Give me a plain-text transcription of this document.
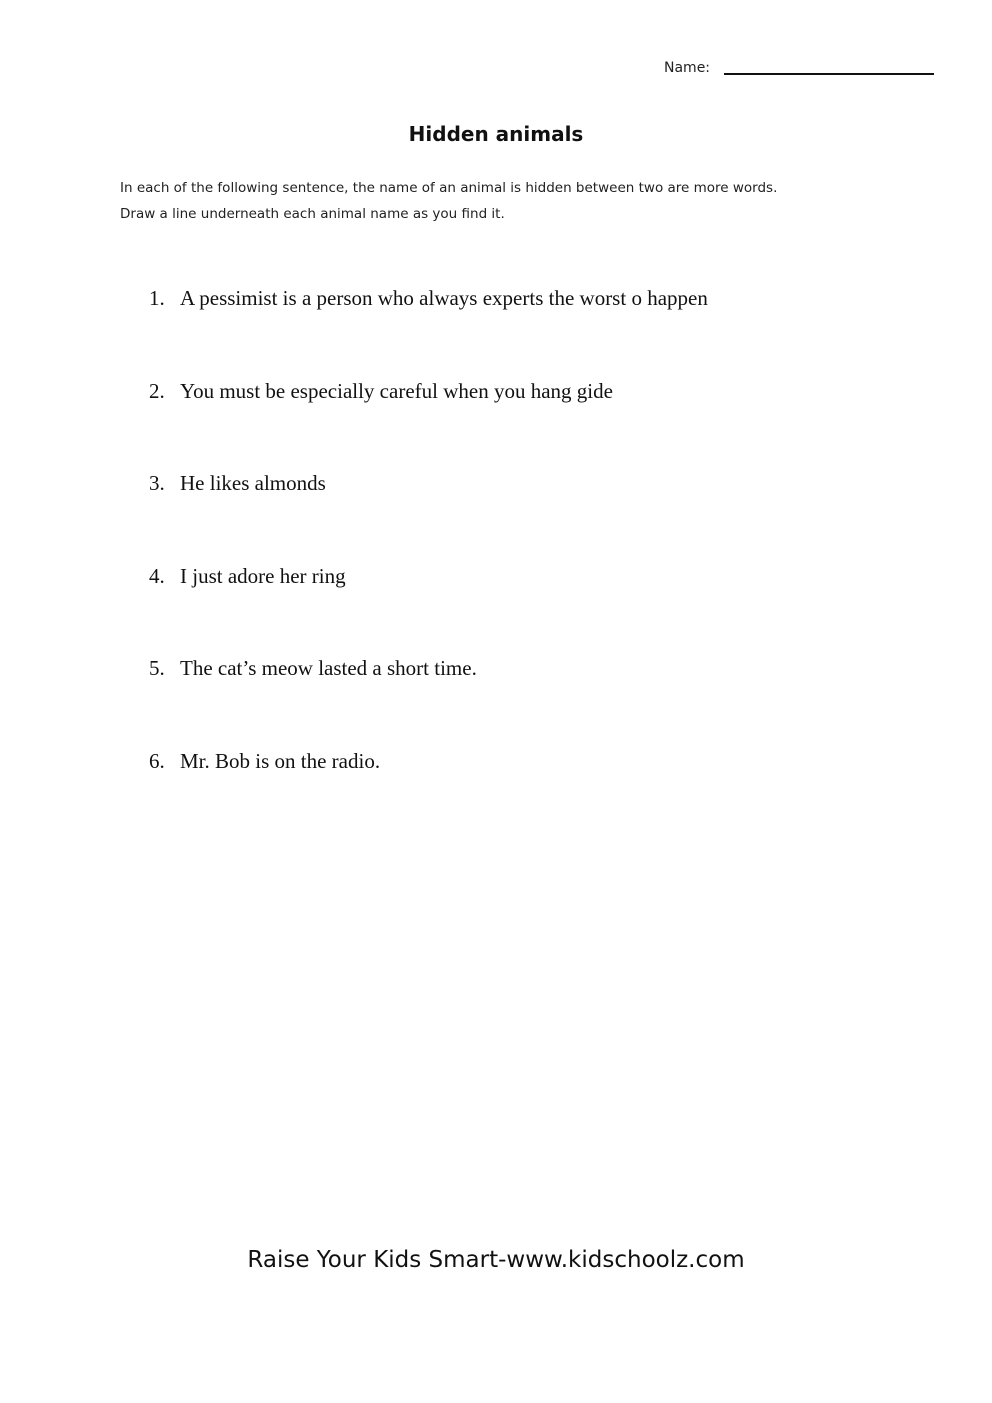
Name:
Hidden animals
In each of the following sentence, the name of an animal is hidden between two are more words.
Draw a line underneath each animal name as you find it.
1. A pessimist is a person who always experts the worst o happen
2. You must be especially careful when you hang gide
3. He likes almonds
4. I just adore her ring
5. The cat’s meow lasted a short time.
6. Mr. Bob is on the radio.
Raise Your Kids Smart-www.kidschoolz.com
